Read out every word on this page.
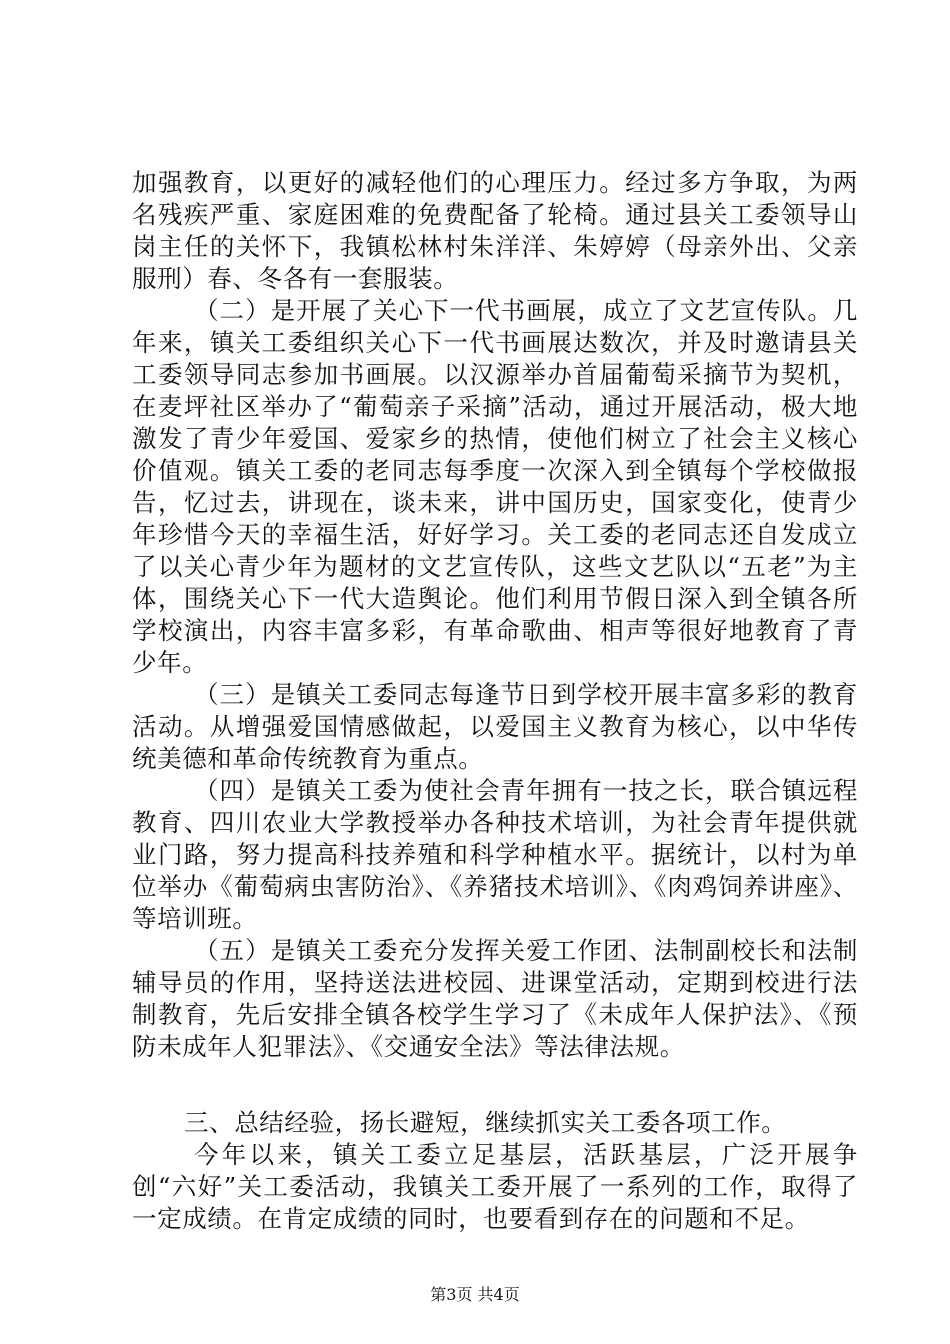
加强教育，以更好的减轻他们的心理压力。经过多方争取，为两名残疾严重、家庭困难的免费配备了轮椅。通过县关工委领导山岗主任的关怀下，我镇松林村朱洋洋、朱婷婷（母亲外出、父亲服刑）春、冬各有一套服装。

（二）是开展了关心下一代书画展，成立了文艺宣传队。几年来，镇关工委组织关心下一代书画展达数次，并及时邀请县关工委领导同志参加书画展。以汉源举办首届葡萄采摘节为契机，在麦坪社区举办了“葡萄亲子采摘”活动，通过开展活动，极大地激发了青少年爱国、爱家乡的热情，使他们树立了社会主义核心价值观。镇关工委的老同志每季度一次深入到全镇每个学校做报告，忆过去，讲现在，谈未来，讲中国历史，国家变化，使青少年珍惜今天的幸福生活，好好学习。关工委的老同志还自发成立了以关心青少年为题材的文艺宣传队，这些文艺队以“五老”为主体，围绕关心下一代大造舆论。他们利用节假日深入到全镇各所学校演出，内容丰富多彩，有革命歌曲、相声等很好地教育了青少年。

（三）是镇关工委同志每逢节日到学校开展丰富多彩的教育活动。从增强爱国情感做起，以爱国主义教育为核心，以中华传统美德和革命传统教育为重点。

（四）是镇关工委为使社会青年拥有一技之长，联合镇远程教育、四川农业大学教授举办各种技术培训，为社会青年提供就业门路，努力提高科技养殖和科学种植水平。据统计，以村为单位举办《葡萄病虫害防治》、《养猪技术培训》、《肉鸡饲养讲座》、等培训班。

（五）是镇关工委充分发挥关爱工作团、法制副校长和法制辅导员的作用，坚持送法进校园、进课堂活动，定期到校进行法制教育，先后安排全镇各校学生学习了《未成年人保护法》、《预防未成年人犯罪法》、《交通安全法》等法律法规。

三、总结经验，扬长避短，继续抓实关工委各项工作。

今年以来，镇关工委立足基层，活跃基层，广泛开展争创“六好”关工委活动，我镇关工委开展了一系列的工作，取得了一定成绩。在肯定成绩的同时，也要看到存在的问题和不足。

第3页 共4页
